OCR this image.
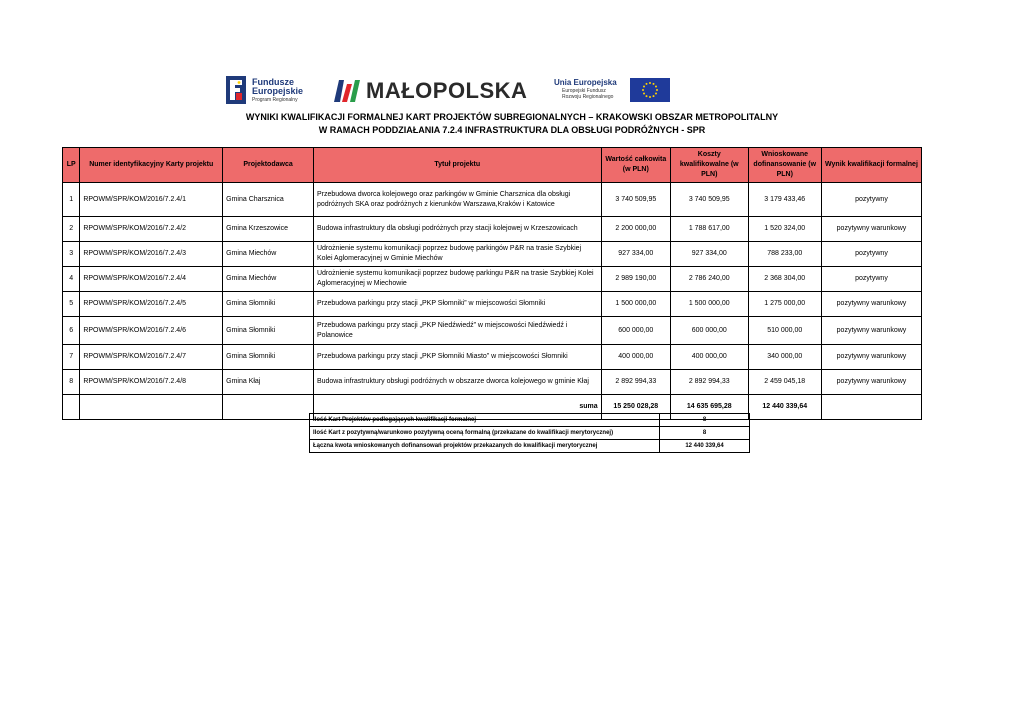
Fundusze
Europejskie
Program Regionalny	MAŁOPOLSKA	Unia Europejska
Europejski Fundusz
Rozwoju Regionalnego
WYNIKI KWALIFIKACJI FORMALNEJ KART PROJEKTÓW SUBREGIONALNYCH – KRAKOWSKI OBSZAR METROPOLITALNY
W RAMACH PODDZIAŁANIA 7.2.4 INFRASTRUKTURA DLA OBSŁUGI PODRÓŻNYCH - SPR
LP	Numer identyfikacyjny Karty projektu	Projektodawca	Tytuł projektu	Wartość całkowita (w PLN)	Koszty kwalifikowalne (w PLN)	Wnioskowane dofinansowanie (w PLN)	Wynik kwalifikacji formalnej
1	RPOWM/SPR/KOM/2016/7.2.4/1	Gmina Charsznica	Przebudowa dworca kolejowego oraz parkingów w Gminie Charsznica dla obsługi podróżnych SKA oraz podróżnych z kierunków Warszawa,Kraków i Katowice	3 740 509,95	3 740 509,95	3 179 433,46	pozytywny
2	RPOWM/SPR/KOM/2016/7.2.4/2	Gmina Krzeszowice	Budowa infrastruktury dla obsługi podróżnych przy stacji kolejowej w Krzeszowicach	2 200 000,00	1 788 617,00	1 520 324,00	pozytywny warunkowy
3	RPOWM/SPR/KOM/2016/7.2.4/3	Gmina Miechów	Udrożnienie systemu komunikacji poprzez budowę parkingów P&R na trasie Szybkiej Kolei Aglomeracyjnej w Gminie Miechów	927 334,00	927 334,00	788 233,00	pozytywny
4	RPOWM/SPR/KOM/2016/7.2.4/4	Gmina Miechów	Udrożnienie systemu komunikacji poprzez budowę parkingu P&R na trasie Szybkiej Kolei Aglomeracyjnej w Miechowie	2 989 190,00	2 786 240,00	2 368 304,00	pozytywny
5	RPOWM/SPR/KOM/2016/7.2.4/5	Gmina Słomniki	Przebudowa parkingu przy stacji „PKP Słomniki” w miejscowości Słomniki	1 500 000,00	1 500 000,00	1 275 000,00	pozytywny warunkowy
6	RPOWM/SPR/KOM/2016/7.2.4/6	Gmina Słomniki	Przebudowa parkingu przy stacji „PKP Niedźwiedź” w miejscowości Niedźwiedź i Polanowice	600 000,00	600 000,00	510 000,00	pozytywny warunkowy
7	RPOWM/SPR/KOM/2016/7.2.4/7	Gmina Słomniki	Przebudowa parkingu przy stacji „PKP Słomniki Miasto” w miejscowości Słomniki	400 000,00	400 000,00	340 000,00	pozytywny warunkowy
8	RPOWM/SPR/KOM/2016/7.2.4/8	Gmina Kłaj	Budowa infrastruktury obsługi podróżnych w obszarze dworca kolejowego w gminie Kłaj	2 892 994,33	2 892 994,33	2 459 045,18	pozytywny warunkowy
			suma	15 250 028,28	14 635 695,28	12 440 339,64	
Ilość Kart Projektów podlegających kwalifikacji formalnej	8
Ilość Kart z pozytywną/warunkowo pozytywną oceną formalną (przekazane do kwalifikacji merytorycznej)	8
Łączna kwota wnioskowanych dofinansowań projektów przekazanych do kwalifikacji merytorycznej	12 440 339,64
